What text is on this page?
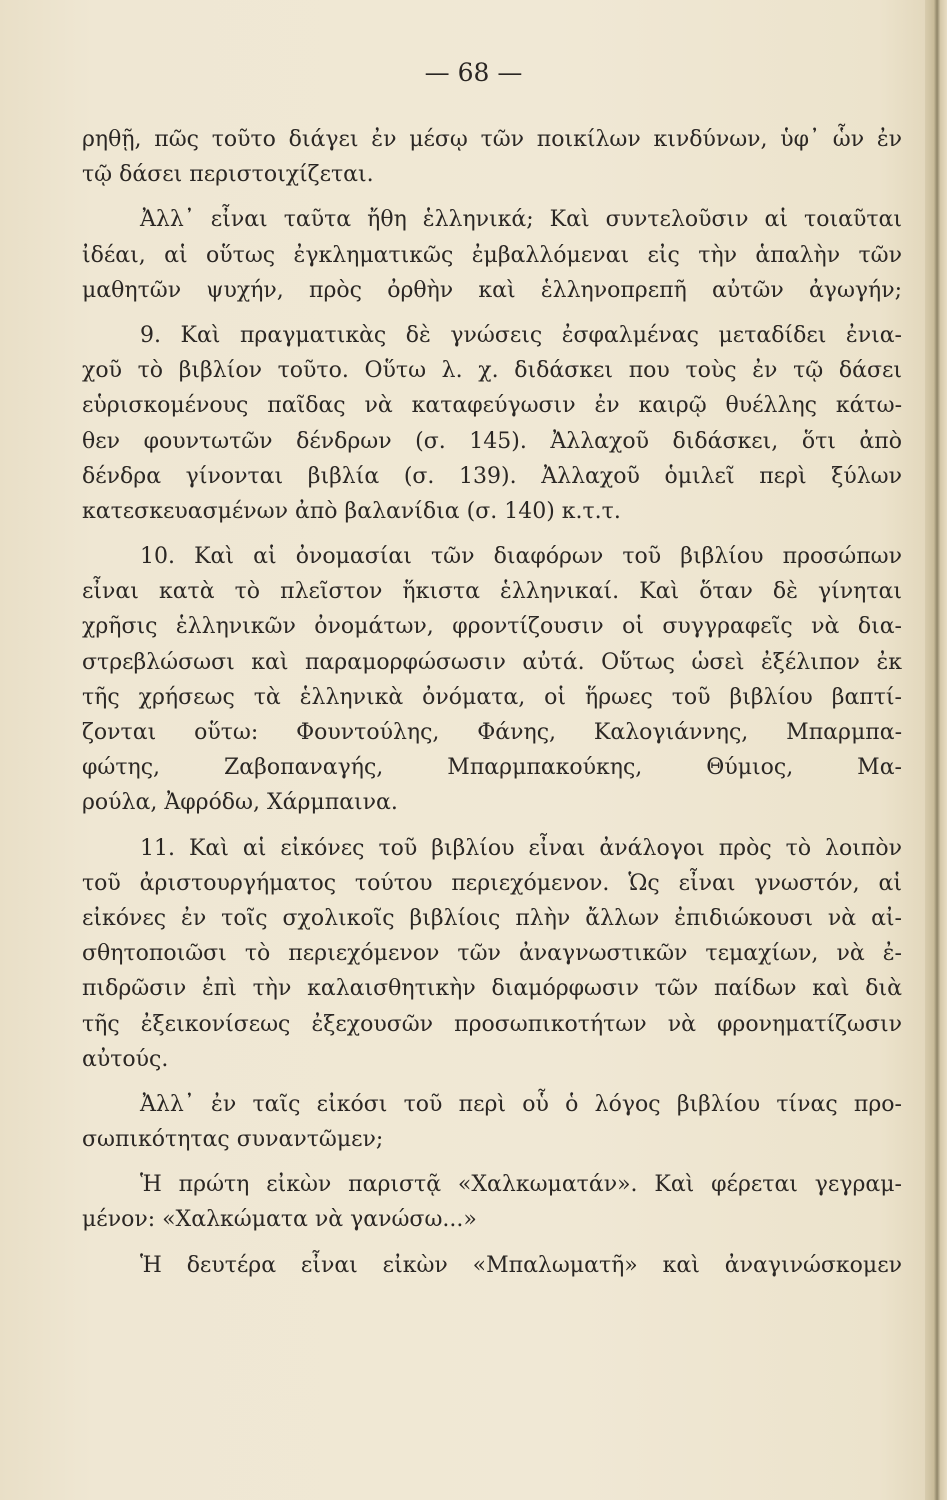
— 68 —
ρηθῇ, πῶς τοῦτο διάγει ἐν μέσῳ τῶν ποικίλων κινδύνων, ὑφ᾽ ὧν ἐν
τῷ δάσει περιστοιχίζεται.
Ἀλλ᾽ εἶναι ταῦτα ἤθη ἑλληνικά; Καὶ συντελοῦσιν αἱ τοιαῦται
ἰδέαι, αἱ οὕτως ἐγκληματικῶς ἐμβαλλόμεναι εἰς τὴν ἁπαλὴν τῶν
μαθητῶν ψυχήν, πρὸς ὀρθὴν καὶ ἑλληνοπρεπῆ αὐτῶν ἀγωγήν;
9. Καὶ πραγματικὰς δὲ γνώσεις ἐσφαλμένας μεταδίδει ἐνια-
χοῦ τὸ βιβλίον τοῦτο. Οὕτω λ. χ. διδάσκει που τοὺς ἐν τῷ δάσει
εὑρισκομένους παῖδας νὰ καταφεύγωσιν ἐν καιρῷ θυέλλης κάτω-
θεν φουντωτῶν δένδρων (σ. 145). Ἀλλαχοῦ διδάσκει, ὅτι ἀπὸ
δένδρα γίνονται βιβλία (σ. 139). Ἀλλαχοῦ ὁμιλεῖ περὶ ξύλων
κατεσκευασμένων ἀπὸ βαλανίδια (σ. 140) κ.τ.τ.
10. Καὶ αἱ ὀνομασίαι τῶν διαφόρων τοῦ βιβλίου προσώπων
εἶναι κατὰ τὸ πλεῖστον ἥκιστα ἑλληνικαί. Καὶ ὅταν δὲ γίνηται
χρῆσις ἑλληνικῶν ὀνομάτων, φροντίζουσιν οἱ συγγραφεῖς νὰ δια-
στρεβλώσωσι καὶ παραμορφώσωσιν αὐτά. Οὕτως ὡσεὶ ἐξέλιπον ἐκ
τῆς χρήσεως τὰ ἑλληνικὰ ὀνόματα, οἱ ἥρωες τοῦ βιβλίου βαπτί-
ζονται οὕτω: Φουντούλης, Φάνης, Καλογιάννης, Μπαρμπα-
φώτης, Ζαβοπαναγής, Μπαρμπακούκης, Θύμιος, Μα-
ρούλα, Ἀφρόδω, Χάρμπαινα.
11. Καὶ αἱ εἰκόνες τοῦ βιβλίου εἶναι ἀνάλογοι πρὸς τὸ λοιπὸν
τοῦ ἀριστουργήματος τούτου περιεχόμενον. Ὡς εἶναι γνωστόν, αἱ
εἰκόνες ἐν τοῖς σχολικοῖς βιβλίοις πλὴν ἄλλων ἐπιδιώκουσι νὰ αἰ-
σθητοποιῶσι τὸ περιεχόμενον τῶν ἀναγνωστικῶν τεμαχίων, νὰ ἐ-
πιδρῶσιν ἐπὶ τὴν καλαισθητικὴν διαμόρφωσιν τῶν παίδων καὶ διὰ
τῆς ἐξεικονίσεως ἐξεχουσῶν προσωπικοτήτων νὰ φρονηματίζωσιν
αὐτούς.
Ἀλλ᾽ ἐν ταῖς εἰκόσι τοῦ περὶ οὗ ὁ λόγος βιβλίου τίνας προ-
σωπικότητας συναντῶμεν;
Ἡ πρώτη εἰκὼν παριστᾷ «Χαλκωματάν». Καὶ φέρεται γεγραμ-
μένον: «Χαλκώματα νὰ γανώσω...»
Ἡ δευτέρα εἶναι εἰκὼν «Μπαλωματῆ» καὶ ἀναγινώσκομεν
